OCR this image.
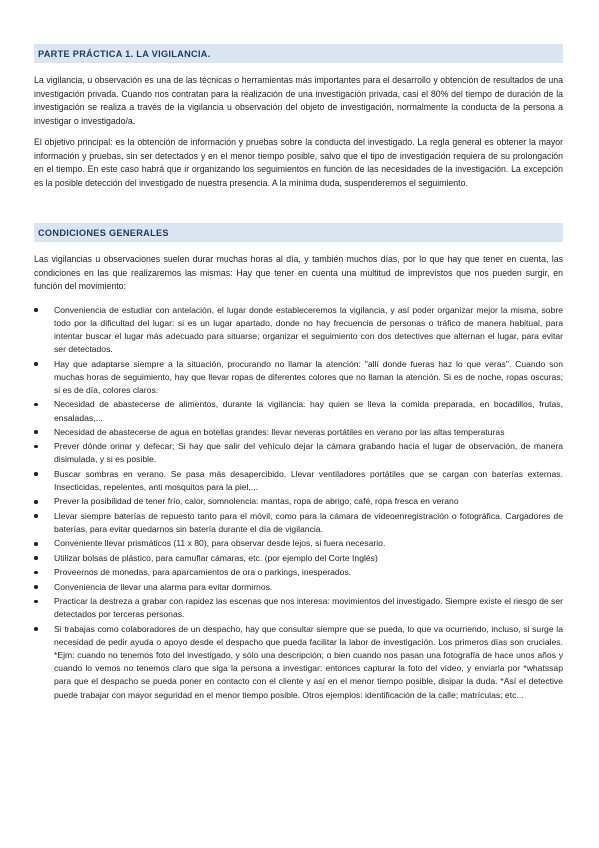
PARTE PRÁCTICA 1. LA VIGILANCIA.

La vigilancia, u observación es una de las técnicas o herramientas más importantes para el desarrollo y obtención de resultados de una investigación privada. Cuando nos contratan para la realización de una investigación privada, casi el 80% del tiempo de duración de la investigación se realiza a través de la vigilancia u observación del objeto de investigación, normalmente la conducta de la persona a investigar o investigado/a.

El objetivo principal: es la obtención de información y pruebas sobre la conducta del investigado. La regla general es obtener la mayor información y pruebas, sin ser detectados y en el menor tiempo posible, salvo que el tipo de investigación requiera de su prolongación en el tiempo. En este caso habrá que ir organizando los seguimientos en función de las necesidades de la investigación. La excepción es la posible detección del investigado de nuestra presencia. A la mínima duda, suspenderemos el seguimiento.

CONDICIONES GENERALES

Las vigilancias u observaciones suelen durar muchas horas al día, y también muchos días, por lo que hay que tener en cuenta, las condiciones en las que realizaremos las mismas: Hay que tener en cuenta una multitud de imprevistos que nos pueden surgir, en función del movimiento:

Conveniencia de estudiar con antelación, el lugar donde estableceremos la vigilancia, y así poder organizar mejor la misma, sobre todo por la dificultad del lugar: si es un lugar apartado, donde no hay frecuencia de personas o tráfico de manera habitual, para intentar buscar el lugar más adecuado para situarse; organizar el seguimiento con dos detectives que alternan el lugar, para evitar ser detectados.
Hay que adaptarse siempre a la situación, procurando no llamar la atención: "allí donde fueras haz lo que veras". Cuando son muchas horas de seguimiento, hay que llevar ropas de diferentes colores que no llaman la atención. Si es de noche, ropas oscuras; si es de día, colores claros.
Necesidad de abastecerse de alimentos, durante la vigilancia: hay quien se lleva la comida preparada, en bocadillos, frutas, ensaladas,...
Necesidad de abastecerse de agua en botellas grandes: llevar neveras portátiles en verano por las altas temperaturas
Prever dónde orinar y defecar; Si hay que salir del vehículo dejar la cámara grabando hacia el lugar de observación, de manera disimulada, y si es posible.
Buscar sombras en verano. Se pasa más desapercibido. Llevar ventiladores portátiles que se cargan con baterías externas. Insecticidas, repelentes, anti mosquitos para la piel,...
Prever la posibilidad de tener frío, calor, somnolencia: mantas, ropa de abrigo, café, ropa fresca en verano
Llevar siempre baterías de repuesto tanto para el móvil, como para la cámara de videoenregistración o fotográfica. Cargadores de baterías, para evitar quedarnos sin batería durante el día de vigilancia.
Conveniente llevar prismáticos (11 x 80), para observar desde lejos, si fuera necesario.
Utilizar bolsas de plástico, para camuflar cámaras, etc. (por ejemplo del Corte Inglés)
Proveernos de monedas, para aparcamientos de ora o parkings, inesperados.
Conveniencia de llevar una alarma para evitar dormirnos.
Practicar la destreza a grabar con rapidez las escenas que nos interesa: movimientos del investigado. Siempre existe el riesgo de ser detectados por terceras personas.
Si trabajas como colaboradores de un despacho, hay que consultar siempre que se pueda, lo que va ocurriendo, incluso, si surge la necesidad de pedir ayuda o apoyo desde el despacho que pueda facilitar la labor de investigación. Los primeros días son cruciales. *Ejm: cuando no tenemos foto del investigado, y sólo una descripción; o bien cuando nos pasan una fotografía de hace unos años y cuando lo vemos no tenemos claro que siga la persona a investigar: entonces capturar la foto del vídeo, y enviarla por *whatssap para que el despacho se pueda poner en contacto con el cliente y así en el menor tiempo posible, disipar la duda. *Así el detective puede trabajar con mayor seguridad en el menor tiempo posible. Otros ejemplos: identificación de la calle; matrículas; etc...
